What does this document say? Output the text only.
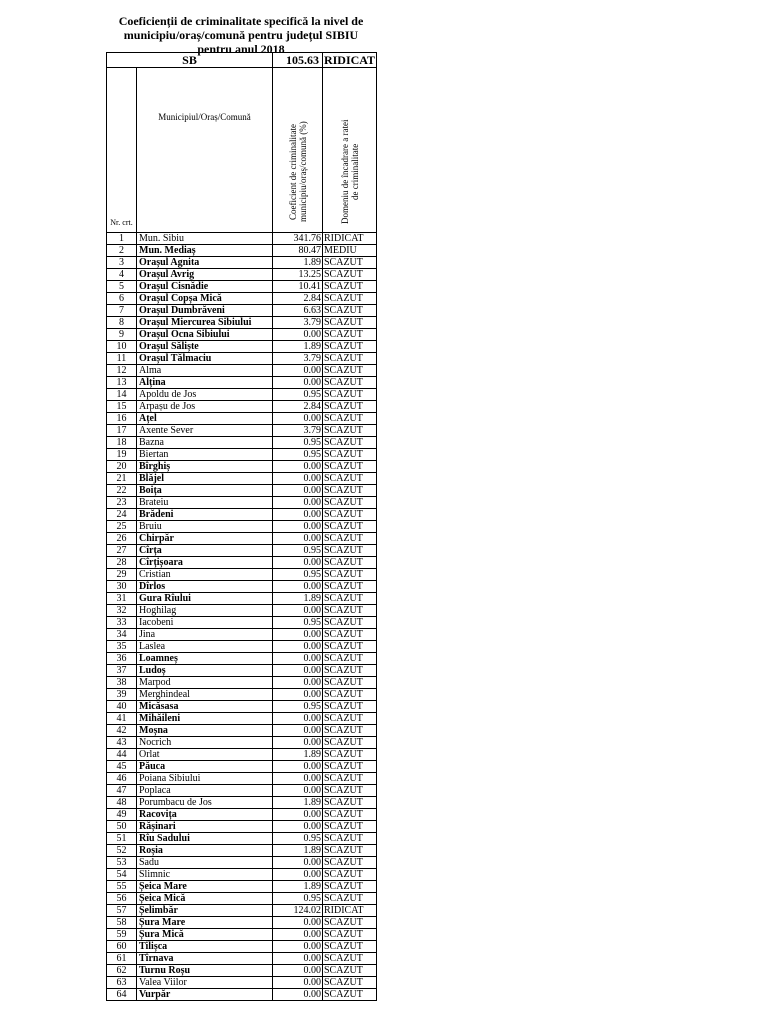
Coeficienții de criminalitate specifică la nivel de municipiu/oraș/comună pentru județul SIBIU pentru anul 2018
SB		105.63	RIDICAT
Nr. crt.	Municipiul/Oraș/Comună	Coeficient de criminalitate municipiu/oraș/comună (%)	Domeniu de încadrare a ratei de criminalitate
1	Mun. Sibiu	341.76	RIDICAT
2	Mun. Mediaș	80.47	MEDIU
3	Orașul Agnita	1.89	SCAZUT
4	Orașul Avrig	13.25	SCAZUT
5	Orașul Cisnădie	10.41	SCAZUT
6	Orașul Copșa Mică	2.84	SCAZUT
7	Orașul Dumbrăveni	6.63	SCAZUT
8	Orașul Miercurea Sibiului	3.79	SCAZUT
9	Orașul Ocna Sibiului	0.00	SCAZUT
10	Orașul Săliște	1.89	SCAZUT
11	Orașul Tălmaciu	3.79	SCAZUT
12	Alma	0.00	SCAZUT
13	Alțina	0.00	SCAZUT
14	Apoldu de Jos	0.95	SCAZUT
15	Arpașu de Jos	2.84	SCAZUT
16	Ațel	0.00	SCAZUT
17	Axente Sever	3.79	SCAZUT
18	Bazna	0.95	SCAZUT
19	Biertan	0.95	SCAZUT
20	Bîrghiș	0.00	SCAZUT
21	Blăjel	0.00	SCAZUT
22	Boița	0.00	SCAZUT
23	Brateiu	0.00	SCAZUT
24	Brădeni	0.00	SCAZUT
25	Bruiu	0.00	SCAZUT
26	Chirpăr	0.00	SCAZUT
27	Cîrța	0.95	SCAZUT
28	Cîrțișoara	0.00	SCAZUT
29	Cristian	0.95	SCAZUT
30	Dîrlos	0.00	SCAZUT
31	Gura Rîului	1.89	SCAZUT
32	Hoghilag	0.00	SCAZUT
33	Iacobeni	0.95	SCAZUT
34	Jina	0.00	SCAZUT
35	Laslea	0.00	SCAZUT
36	Loamneș	0.00	SCAZUT
37	Ludoș	0.00	SCAZUT
38	Marpod	0.00	SCAZUT
39	Merghindeal	0.00	SCAZUT
40	Micăsasa	0.95	SCAZUT
41	Mihăileni	0.00	SCAZUT
42	Moșna	0.00	SCAZUT
43	Nocrich	0.00	SCAZUT
44	Orlat	1.89	SCAZUT
45	Păuca	0.00	SCAZUT
46	Poiana Sibiului	0.00	SCAZUT
47	Poplaca	0.00	SCAZUT
48	Porumbacu de Jos	1.89	SCAZUT
49	Racovița	0.00	SCAZUT
50	Rășinari	0.00	SCAZUT
51	Rîu Sadului	0.95	SCAZUT
52	Roșia	1.89	SCAZUT
53	Sadu	0.00	SCAZUT
54	Slimnic	0.00	SCAZUT
55	Șeica Mare	1.89	SCAZUT
56	Șeica Mică	0.95	SCAZUT
57	Șelimbăr	124.02	RIDICAT
58	Șura Mare	0.00	SCAZUT
59	Șura Mică	0.00	SCAZUT
60	Tilișca	0.00	SCAZUT
61	Tîrnava	0.00	SCAZUT
62	Turnu Roșu	0.00	SCAZUT
63	Valea Viilor	0.00	SCAZUT
64	Vurpăr	0.00	SCAZUT
